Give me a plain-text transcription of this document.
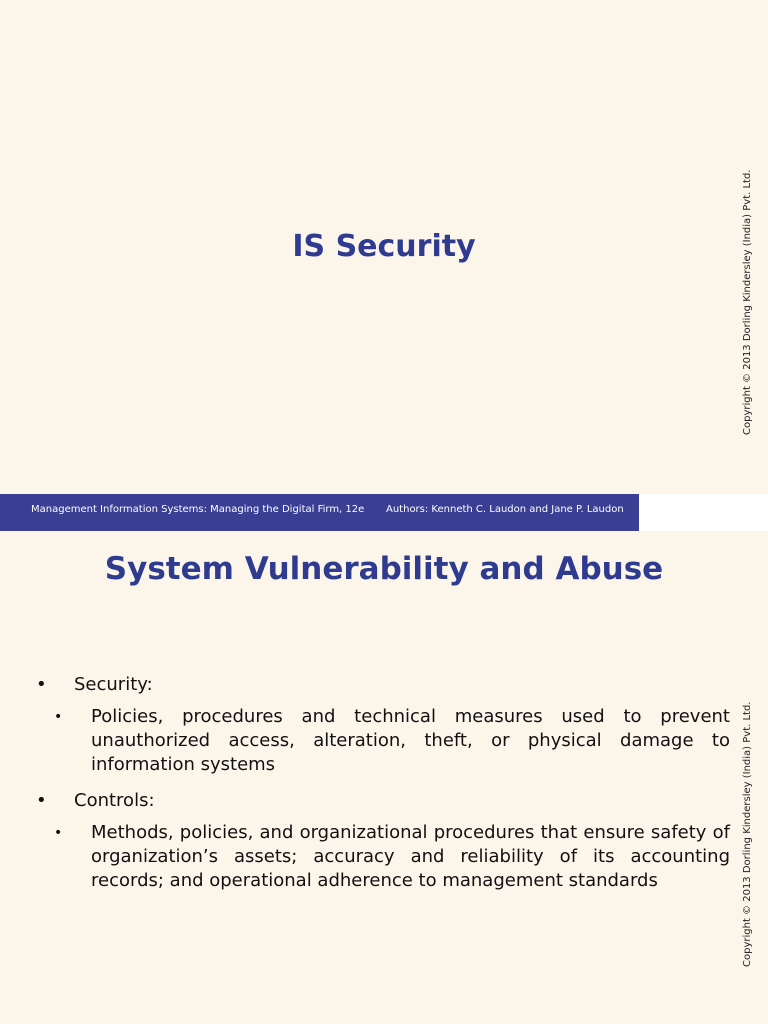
IS Security	Copyright © 2013 Dorling Kindersley (India) Pvt. Ltd.
Management Information Systems: Managing the Digital Firm, 12e Authors: Kenneth C. Laudon and Jane P. Laudon
System Vulnerability and Abuse
Copyright © 2013 Dorling Kindersley (India) Pvt. Ltd.
• Security:
• Policies, procedures and technical measures used to prevent unauthorized access, alteration, theft, or physical damage to information systems
• Controls:
• Methods, policies, and organizational procedures that ensure safety of organization’s assets; accuracy and reliability of its accounting records; and operational adherence to management standards
